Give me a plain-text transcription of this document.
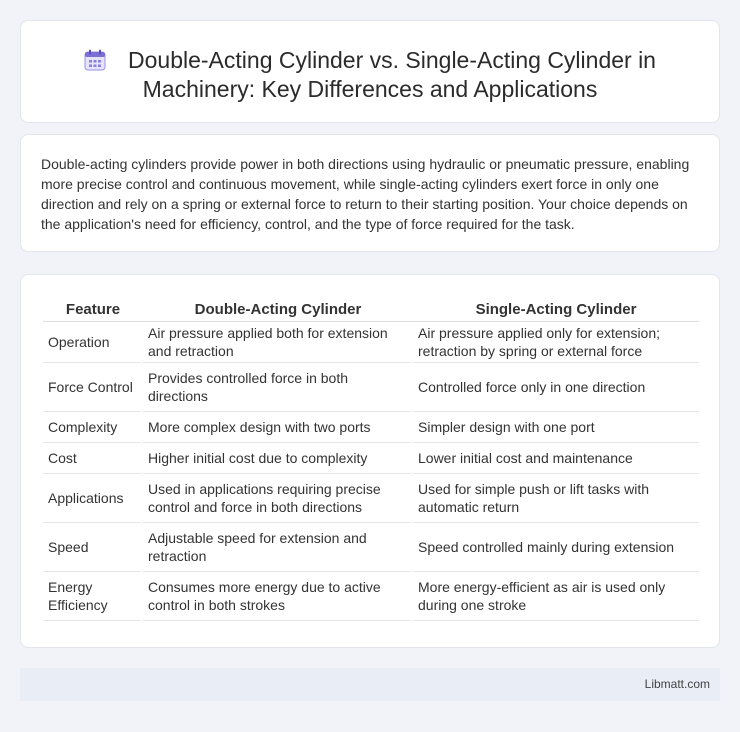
Double-Acting Cylinder vs. Single-Acting Cylinder in Machinery: Key Differences and Applications

Double-acting cylinders provide power in both directions using hydraulic or pneumatic pressure, enabling more precise control and continuous movement, while single-acting cylinders exert force in only one direction and rely on a spring or external force to return to their starting position. Your choice depends on the application's need for efficiency, control, and the type of force required for the task.

Feature	Double-Acting Cylinder	Single-Acting Cylinder
Operation	Air pressure applied both for extension and retraction	Air pressure applied only for extension; retraction by spring or external force
Force Control	Provides controlled force in both directions	Controlled force only in one direction
Complexity	More complex design with two ports	Simpler design with one port
Cost	Higher initial cost due to complexity	Lower initial cost and maintenance
Applications	Used in applications requiring precise control and force in both directions	Used for simple push or lift tasks with automatic return
Speed	Adjustable speed for extension and retraction	Speed controlled mainly during extension
Energy Efficiency	Consumes more energy due to active control in both strokes	More energy-efficient as air is used only during one stroke
Libmatt.com
